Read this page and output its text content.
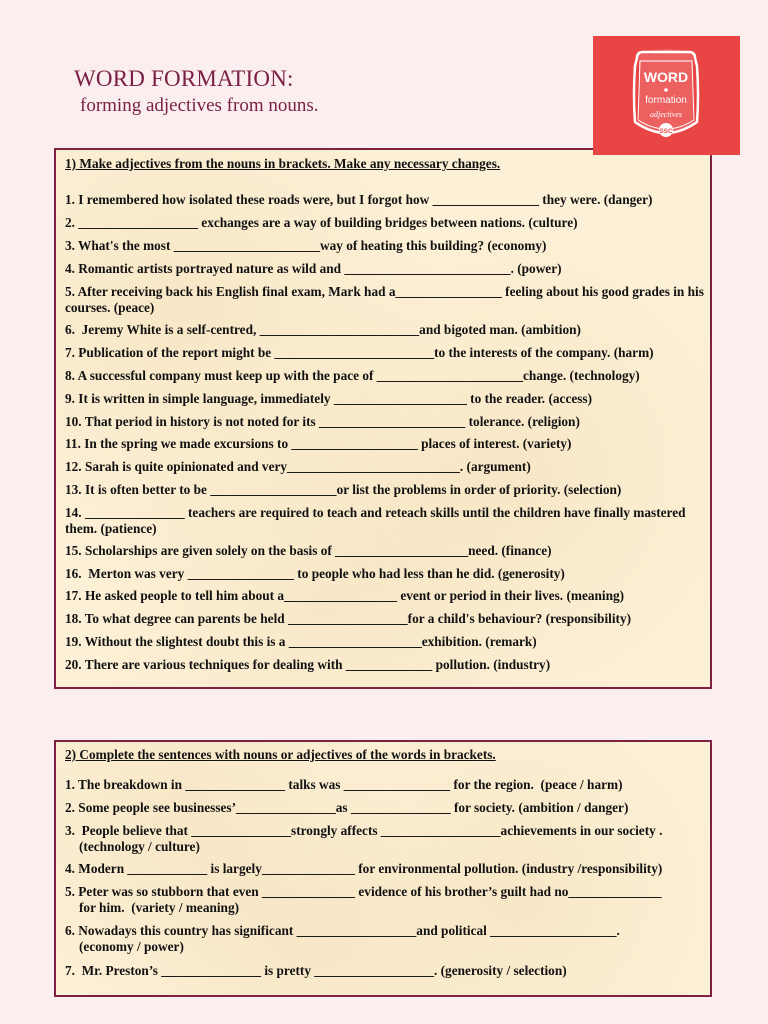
WORD FORMATION:
forming adjectives from nouns.
WORD
formation
adjectives
SSC
1) Make adjectives from the nouns in brackets. Make any necessary changes.
1. I remembered how isolated these roads were, but I forgot how ________________ they were. (danger)
2. __________________ exchanges are a way of building bridges between nations. (culture)
3. What's the most ______________________way of heating this building? (economy)
4. Romantic artists portrayed nature as wild and _________________________. (power)
5. After receiving back his English final exam, Mark had a________________ feeling about his good grades in his courses. (peace)
6.  Jeremy White is a self-centred, ________________________and bigoted man. (ambition)
7. Publication of the report might be ________________________to the interests of the company. (harm)
8. A successful company must keep up with the pace of ______________________change. (technology)
9. It is written in simple language, immediately ____________________ to the reader. (access)
10. That period in history is not noted for its ______________________ tolerance. (religion)
11. In the spring we made excursions to ___________________ places of interest. (variety)
12. Sarah is quite opinionated and very__________________________. (argument)
13. It is often better to be ___________________or list the problems in order of priority. (selection)
14. _______________ teachers are required to teach and reteach skills until the children have finally mastered them. (patience)
15. Scholarships are given solely on the basis of ____________________need. (finance)
16.  Merton was very ________________ to people who had less than he did. (generosity)
17. He asked people to tell him about a_________________ event or period in their lives. (meaning)
18. To what degree can parents be held __________________for a child's behaviour? (responsibility)
19. Without the slightest doubt this is a ____________________exhibition. (remark)
20. There are various techniques for dealing with _____________ pollution. (industry)
2) Complete the sentences with nouns or adjectives of the words in brackets.
1. The breakdown in _______________ talks was ________________ for the region.  (peace / harm)
2. Some people see businesses’_______________as _______________ for society. (ambition / danger)
3.  People believe that _______________strongly affects __________________achievements in our society .
(technology / culture)
4. Modern ____________ is largely______________ for environmental pollution. (industry /responsibility)
5. Peter was so stubborn that even ______________ evidence of his brother’s guilt had no______________
for him.  (variety / meaning)
6. Nowadays this country has significant __________________and political ___________________.
(economy / power)
7.  Mr. Preston’s _______________ is pretty __________________. (generosity / selection)
